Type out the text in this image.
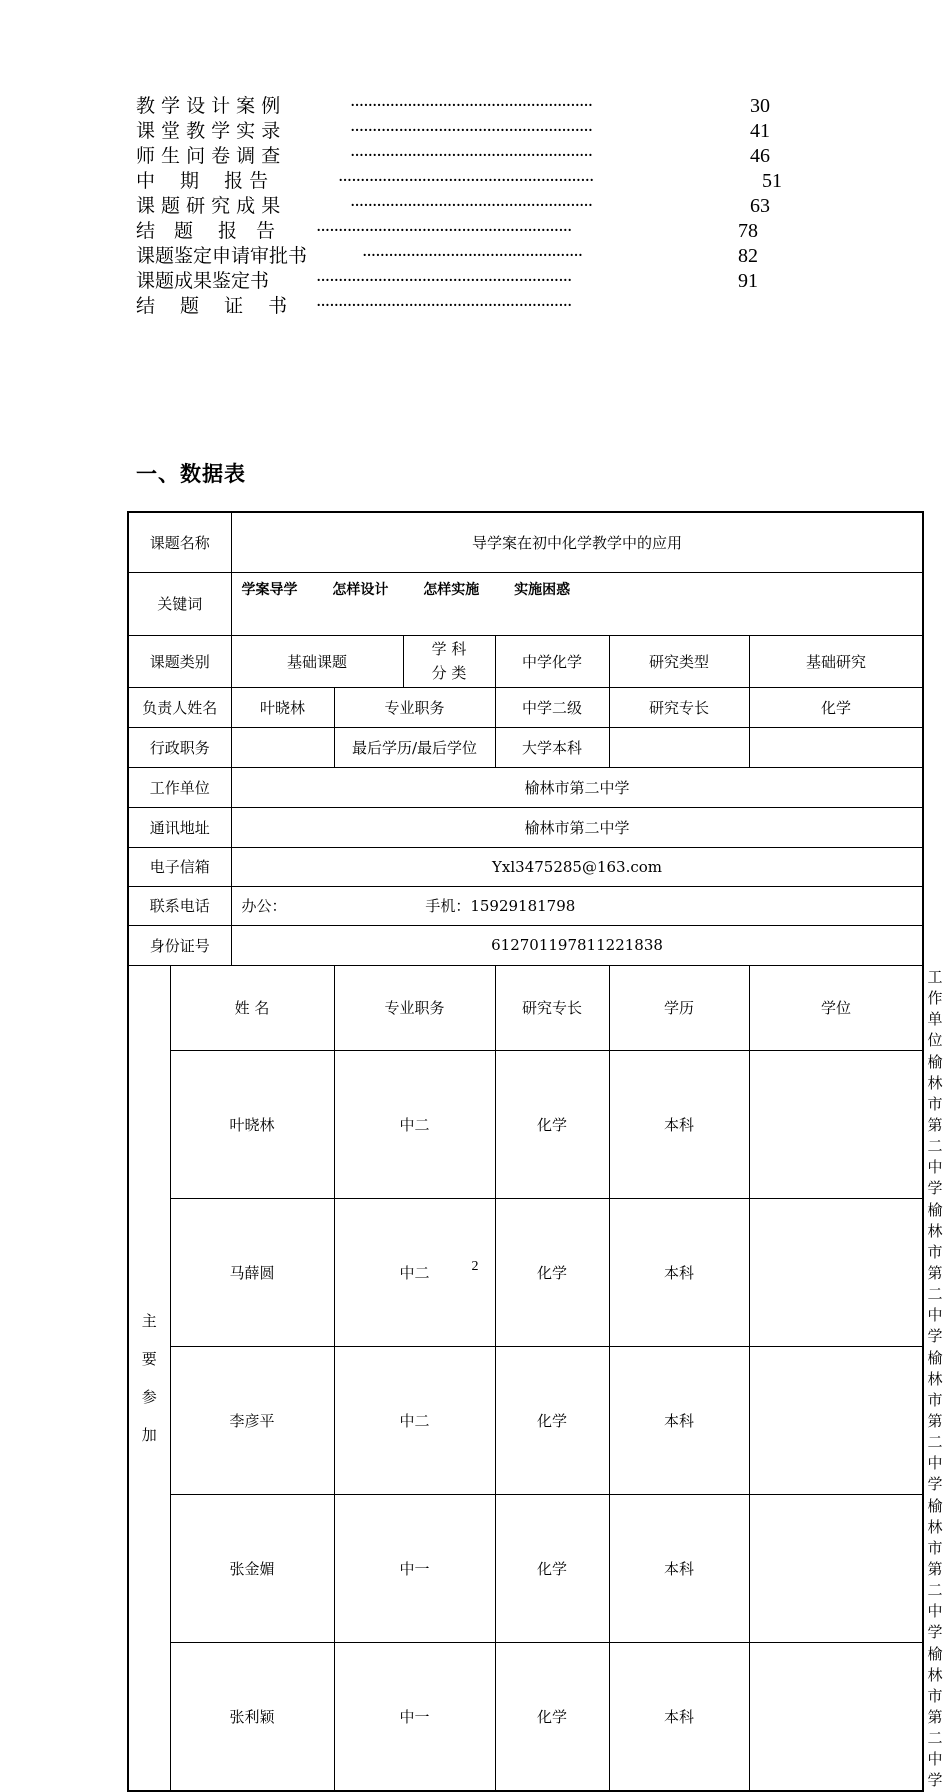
教 学 设 计 案 例	·······················································	30
课 堂 教 学 实 录	·······················································	41
师 生 问 卷 调 查	·······················································	46
中　 期　 报 告	··························································	51
课 题 研 究 成 果	·······················································	63
结　题　 报　告 ··························································	78
课题鉴定申请审批书	··················································	82
课题成果鉴定书	··························································	91
结　 题　 证　 书 ··························································
一、数据表
课题名称		导学案在初中化学教学中的应用						
关键词		学案导学 怎样设计 怎样实施 实施困惑						
课题类别		基础课题		学 科
分 类	中学化学	研究类型	基础研究	
负责人姓名		叶晓林	专业职务		中学二级	研究专长	化学	
行政职务			最后学历/最后学位		大学本科			
工作单位		榆林市第二中学						
通讯地址		榆林市第二中学						
电子信箱		Yxl3475285@163.com						
联系电话		办公： 手机：15929181798						
身份证号		612701197811221838						

主
要
参
加	姓 名		专业职务		研究专长	学历	学位	工 作 单 位
	叶晓林		中二		化学	本科		榆林市第二中学
	马薛圆		中二		化学	本科		榆林市第二中学
	李彦平		中二		化学	本科		榆林市第二中学
	张金媚		中一		化学	本科		榆林市第二中学
	张利颖		中一		化学	本科		榆林市第二中学
2
